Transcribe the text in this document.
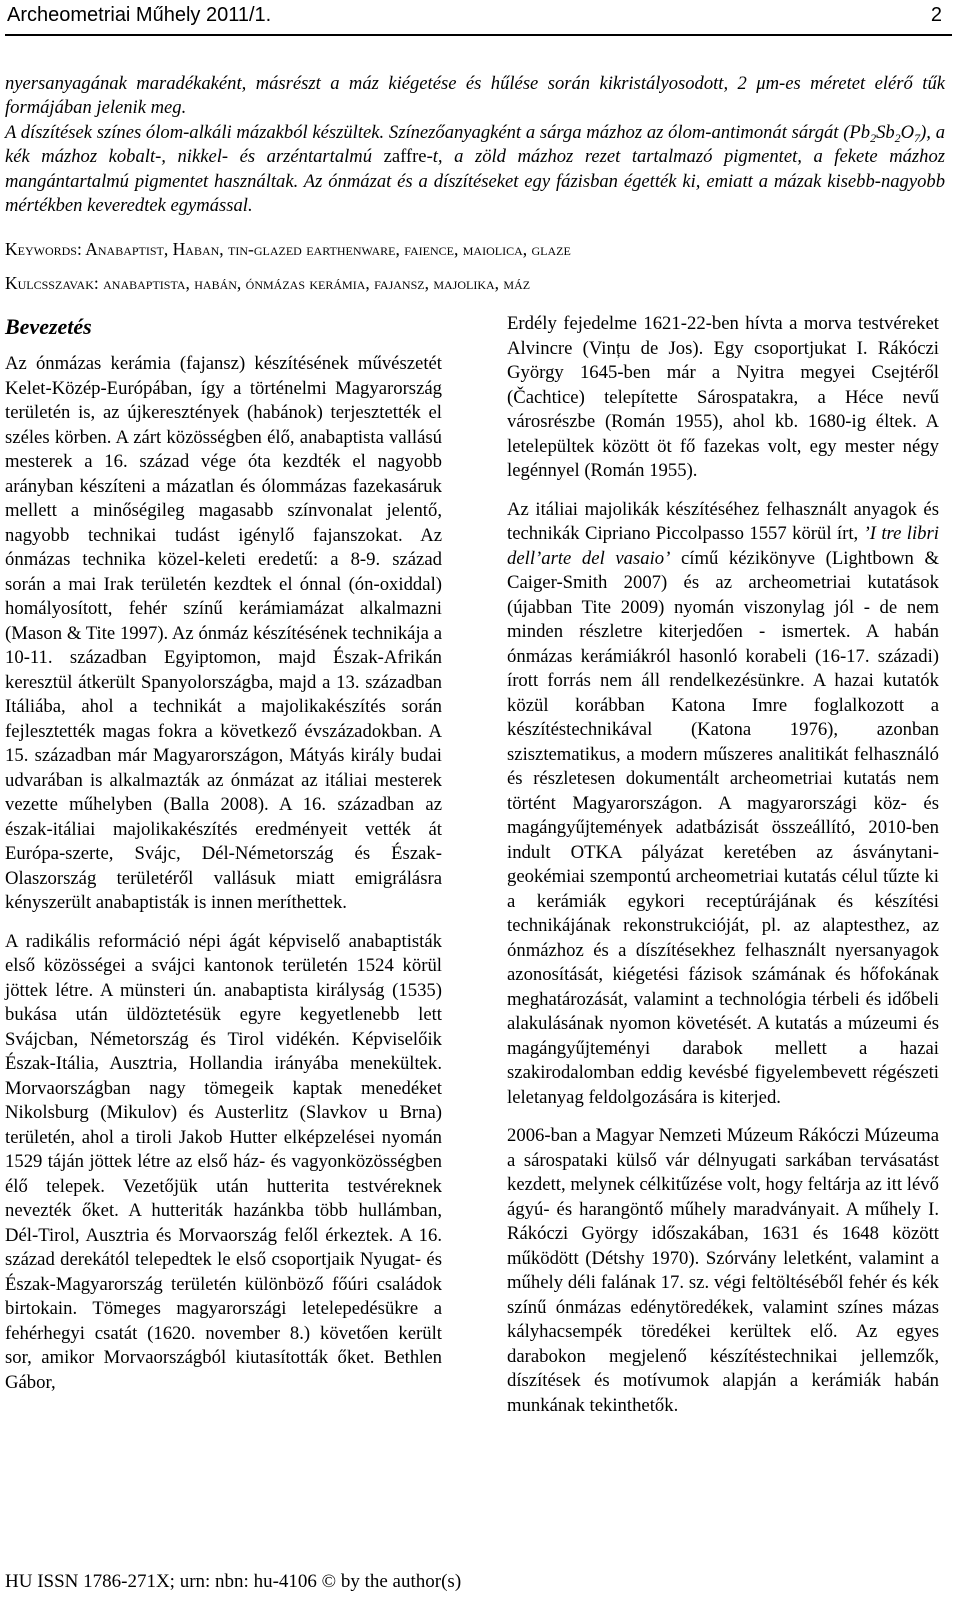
Archeometriai Műhely 2011/1.	2

nyersanyagának maradékaként, másrészt a máz kiégetése és hűlése során kikristályosodott, 2 μm-es méretet elérő tűk formájában jelenik meg.

A díszítések színes ólom-alkáli mázakból készültek. Színezőanyagként a sárga mázhoz az ólom-antimonát sárgát $(Pb_2Sb_2O_7)$, a kék mázhoz kobalt-, nikkel- és arzéntartalmú zaffre-t, a zöld mázhoz rezet tartalmazó pigmentet, a fekete mázhoz mangántartalmú pigmentet használtak. Az ónmázat és a díszítéseket egy fázisban égették ki, emiatt a mázak kisebb-nagyobb mértékben keveredtek egymással.

Keywords: Anabaptist, Haban, tin-glazed earthenware, faience, maiolica, glaze
Kulcsszavak: anabaptista, habán, ónmázas kerámia, fajansz, majolika, máz
Bevezetés

Az ónmázas kerámia (fajansz) készítésének művészetét Kelet-Közép-Európában, így a történelmi Magyarország területén is, az újkeresztények (habánok) terjesztették el széles körben. A zárt közösségben élő, anabaptista vallású mesterek a 16. század vége óta kezdték el nagyobb arányban készíteni a mázatlan és ólommázas fazekasáruk mellett a minőségileg magasabb színvonalat jelentő, nagyobb technikai tudást igénylő fajanszokat. Az ónmázas technika közel-keleti eredetű: a 8-9. század során a mai Irak területén kezdtek el ónnal (ón-oxiddal) homályosított, fehér színű kerámiamázat alkalmazni (Mason & Tite 1997). Az ónmáz készítésének technikája a 10-11. században Egyiptomon, majd Észak-Afrikán keresztül átkerült Spanyolországba, majd a 13. században Itáliába, ahol a technikát a majolikakészítés során fejlesztették magas fokra a következő évszázadokban. A 15. században már Magyarországon, Mátyás király budai udvarában is alkalmazták az ónmázat az itáliai mesterek vezette műhelyben (Balla 2008). A 16. században az észak-itáliai majolikakészítés eredményeit vették át Európa-szerte, Svájc, Dél-Németország és Észak-Olaszország területéről vallásuk miatt emigrálásra kényszerült anabaptisták is innen meríthettek.

A radikális reformáció népi ágát képviselő anabaptisták első közösségei a svájci kantonok területén 1524 körül jöttek létre. A münsteri ún. anabaptista királyság (1535) bukása után üldöztetésük egyre kegyetlenebb lett Svájcban, Németország és Tirol vidékén. Képviselőik Észak-Itália, Ausztria, Hollandia irányába menekültek. Morvaországban nagy tömegeik kaptak menedéket Nikolsburg (Mikulov) és Austerlitz (Slavkov u Brna) területén, ahol a tiroli Jakob Hutter elképzelései nyomán 1529 táján jöttek létre az első ház- és vagyonközösségben élő telepek. Vezetőjük után hutterita testvéreknek nevezték őket. A hutteriták hazánkba több hullámban, Dél-Tirol, Ausztria és Morvaország felől érkeztek. A 16. század derekától telepedtek le első csoportjaik Nyugat- és Észak-Magyarország területén különböző főúri családok birtokain. Tömeges magyarországi letelepedésükre a fehérhegyi csatát (1620. november 8.) követően került sor, amikor Morvaországból kiutasították őket. Bethlen Gábor,

Erdély fejedelme 1621-22-ben hívta a morva testvéreket Alvincre (Vințu de Jos). Egy csoportjukat I. Rákóczi György 1645-ben már a Nyitra megyei Csejtéről (Čachtice) telepítette Sárospatakra, a Héce nevű városrészbe (Román 1955), ahol kb. 1680-ig éltek. A letelepültek között öt fő fazekas volt, egy mester négy legénnyel (Román 1955).

Az itáliai majolikák készítéséhez felhasznált anyagok és technikák Cipriano Piccolpasso 1557 körül írt, ’I tre libri dell’arte del vasaio’ című kézikönyve (Lightbown & Caiger-Smith 2007) és az archeometriai kutatások (újabban Tite 2009) nyomán viszonylag jól - de nem minden részletre kiterjedően - ismertek. A habán ónmázas kerámiákról hasonló korabeli (16-17. századi) írott forrás nem áll rendelkezésünkre. A hazai kutatók közül korábban Katona Imre foglalkozott a készítéstechnikával (Katona 1976), azonban szisztematikus, a modern műszeres analitikát felhasználó és részletesen dokumentált archeometriai kutatás nem történt Magyarországon. A magyarországi köz- és magángyűjtemények adatbázisát összeállító, 2010-ben indult OTKA pályázat keretében az ásványtani-geokémiai szempontú archeometriai kutatás célul tűzte ki a kerámiák egykori receptúrájának és készítési technikájának rekonstrukcióját, pl. az alaptesthez, az ónmázhoz és a díszítésekhez felhasznált nyersanyagok azonosítását, kiégetési fázisok számának és hőfokának meghatározását, valamint a technológia térbeli és időbeli alakulásának nyomon követését. A kutatás a múzeumi és magángyűjteményi darabok mellett a hazai szakirodalomban eddig kevésbé figyelembevett régészeti leletanyag feldolgozására is kiterjed.

2006-ban a Magyar Nemzeti Múzeum Rákóczi Múzeuma a sárospataki külső vár délnyugati sarkában tervásatást kezdett, melynek célkitűzése volt, hogy feltárja az itt lévő ágyú- és harangöntő műhely maradványait. A műhely I. Rákóczi György időszakában, 1631 és 1648 között működött (Détshy 1970). Szórvány leletként, valamint a műhely déli falának 17. sz. végi feltöltéséből fehér és kék színű ónmázas edénytöredékek, valamint színes mázas kályhacsempék töredékei kerültek elő. Az egyes darabokon megjelenő készítéstechnikai jellemzők, díszítések és motívumok alapján a kerámiák habán munkának tekinthetők.

HU ISSN 1786-271X; urn: nbn: hu-4106 © by the author(s)
